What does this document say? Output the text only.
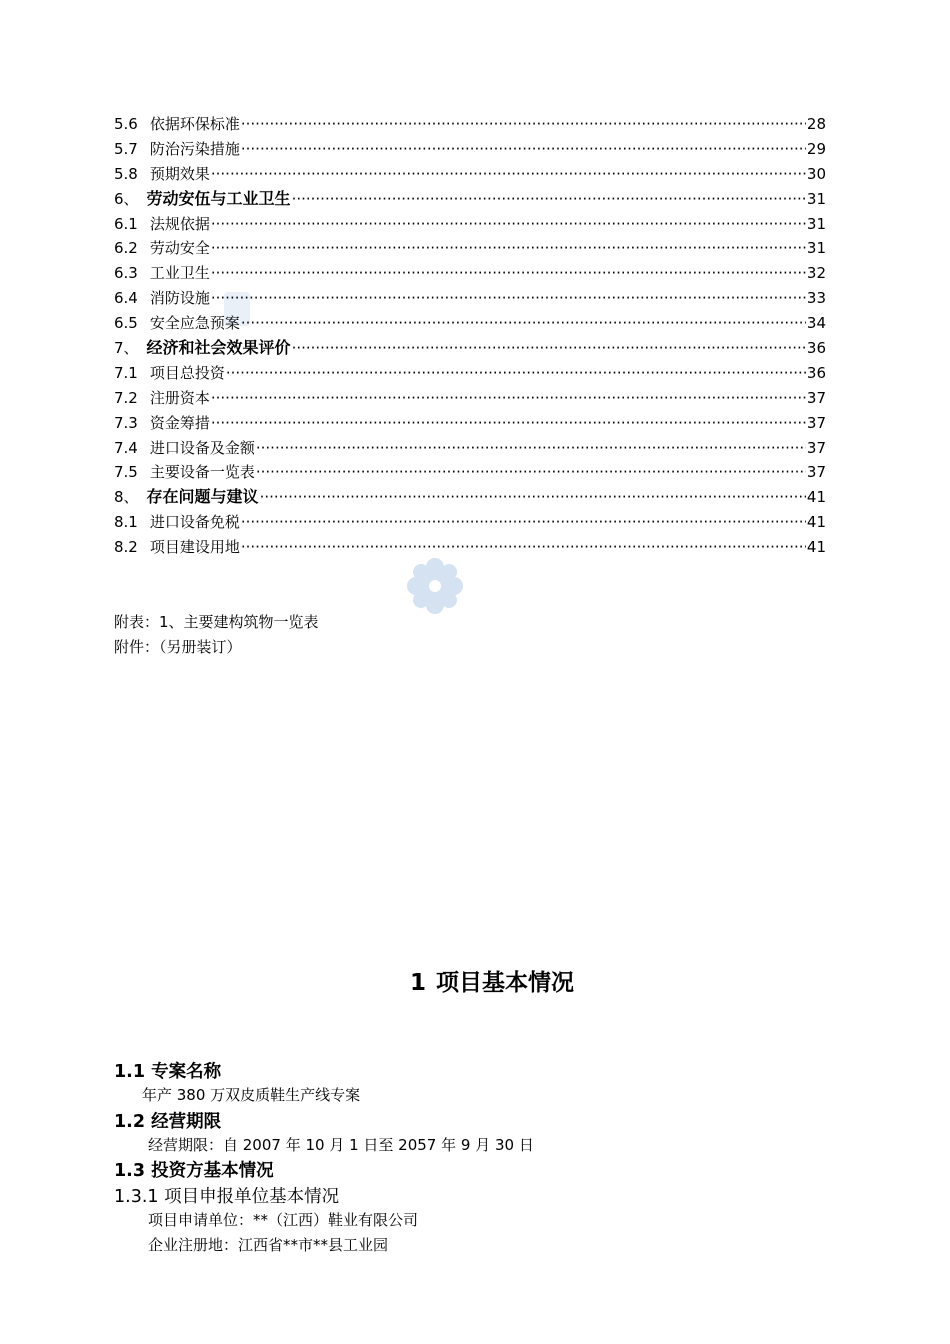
5.6 依据环保标准 ·····	28
5.7 防治污染措施 ·····	29
5.8 预期效果 ·····	30
6、 劳动安伍与工业卫生 ·····	31
6.1 法规依据 ·····	31
6.2 劳动安全 ·····	31
6.3 工业卫生 ·····	32
6.4 消防设施 ·····	33
6.5 安全应急预案 ·····	34
7、 经济和社会效果评价 ·····	36
7.1 项目总投资 ·····	36
7.2 注册资本 ·····	37
7.3 资金筹措 ·····	37
7.4 进口设备及金额 ·····	37
7.5 主要设备一览表 ·····	37
8、 存在问题与建议 ·····	41
8.1 进口设备免税 ·····	41
8.2 项目建设用地 ·····	41
附表：1、主要建构筑物一览表
附件：（另册装订）
1 项目基本情况
1.1 专案名称
年产 380 万双皮质鞋生产线专案
1.2 经营期限
经营期限：自 2007 年 10 月 1 日至 2057 年 9 月 30 日
1.3 投资方基本情况
1.3.1 项目申报单位基本情况
项目申请单位：**（江西）鞋业有限公司
企业注册地：江西省**市**县工业园
